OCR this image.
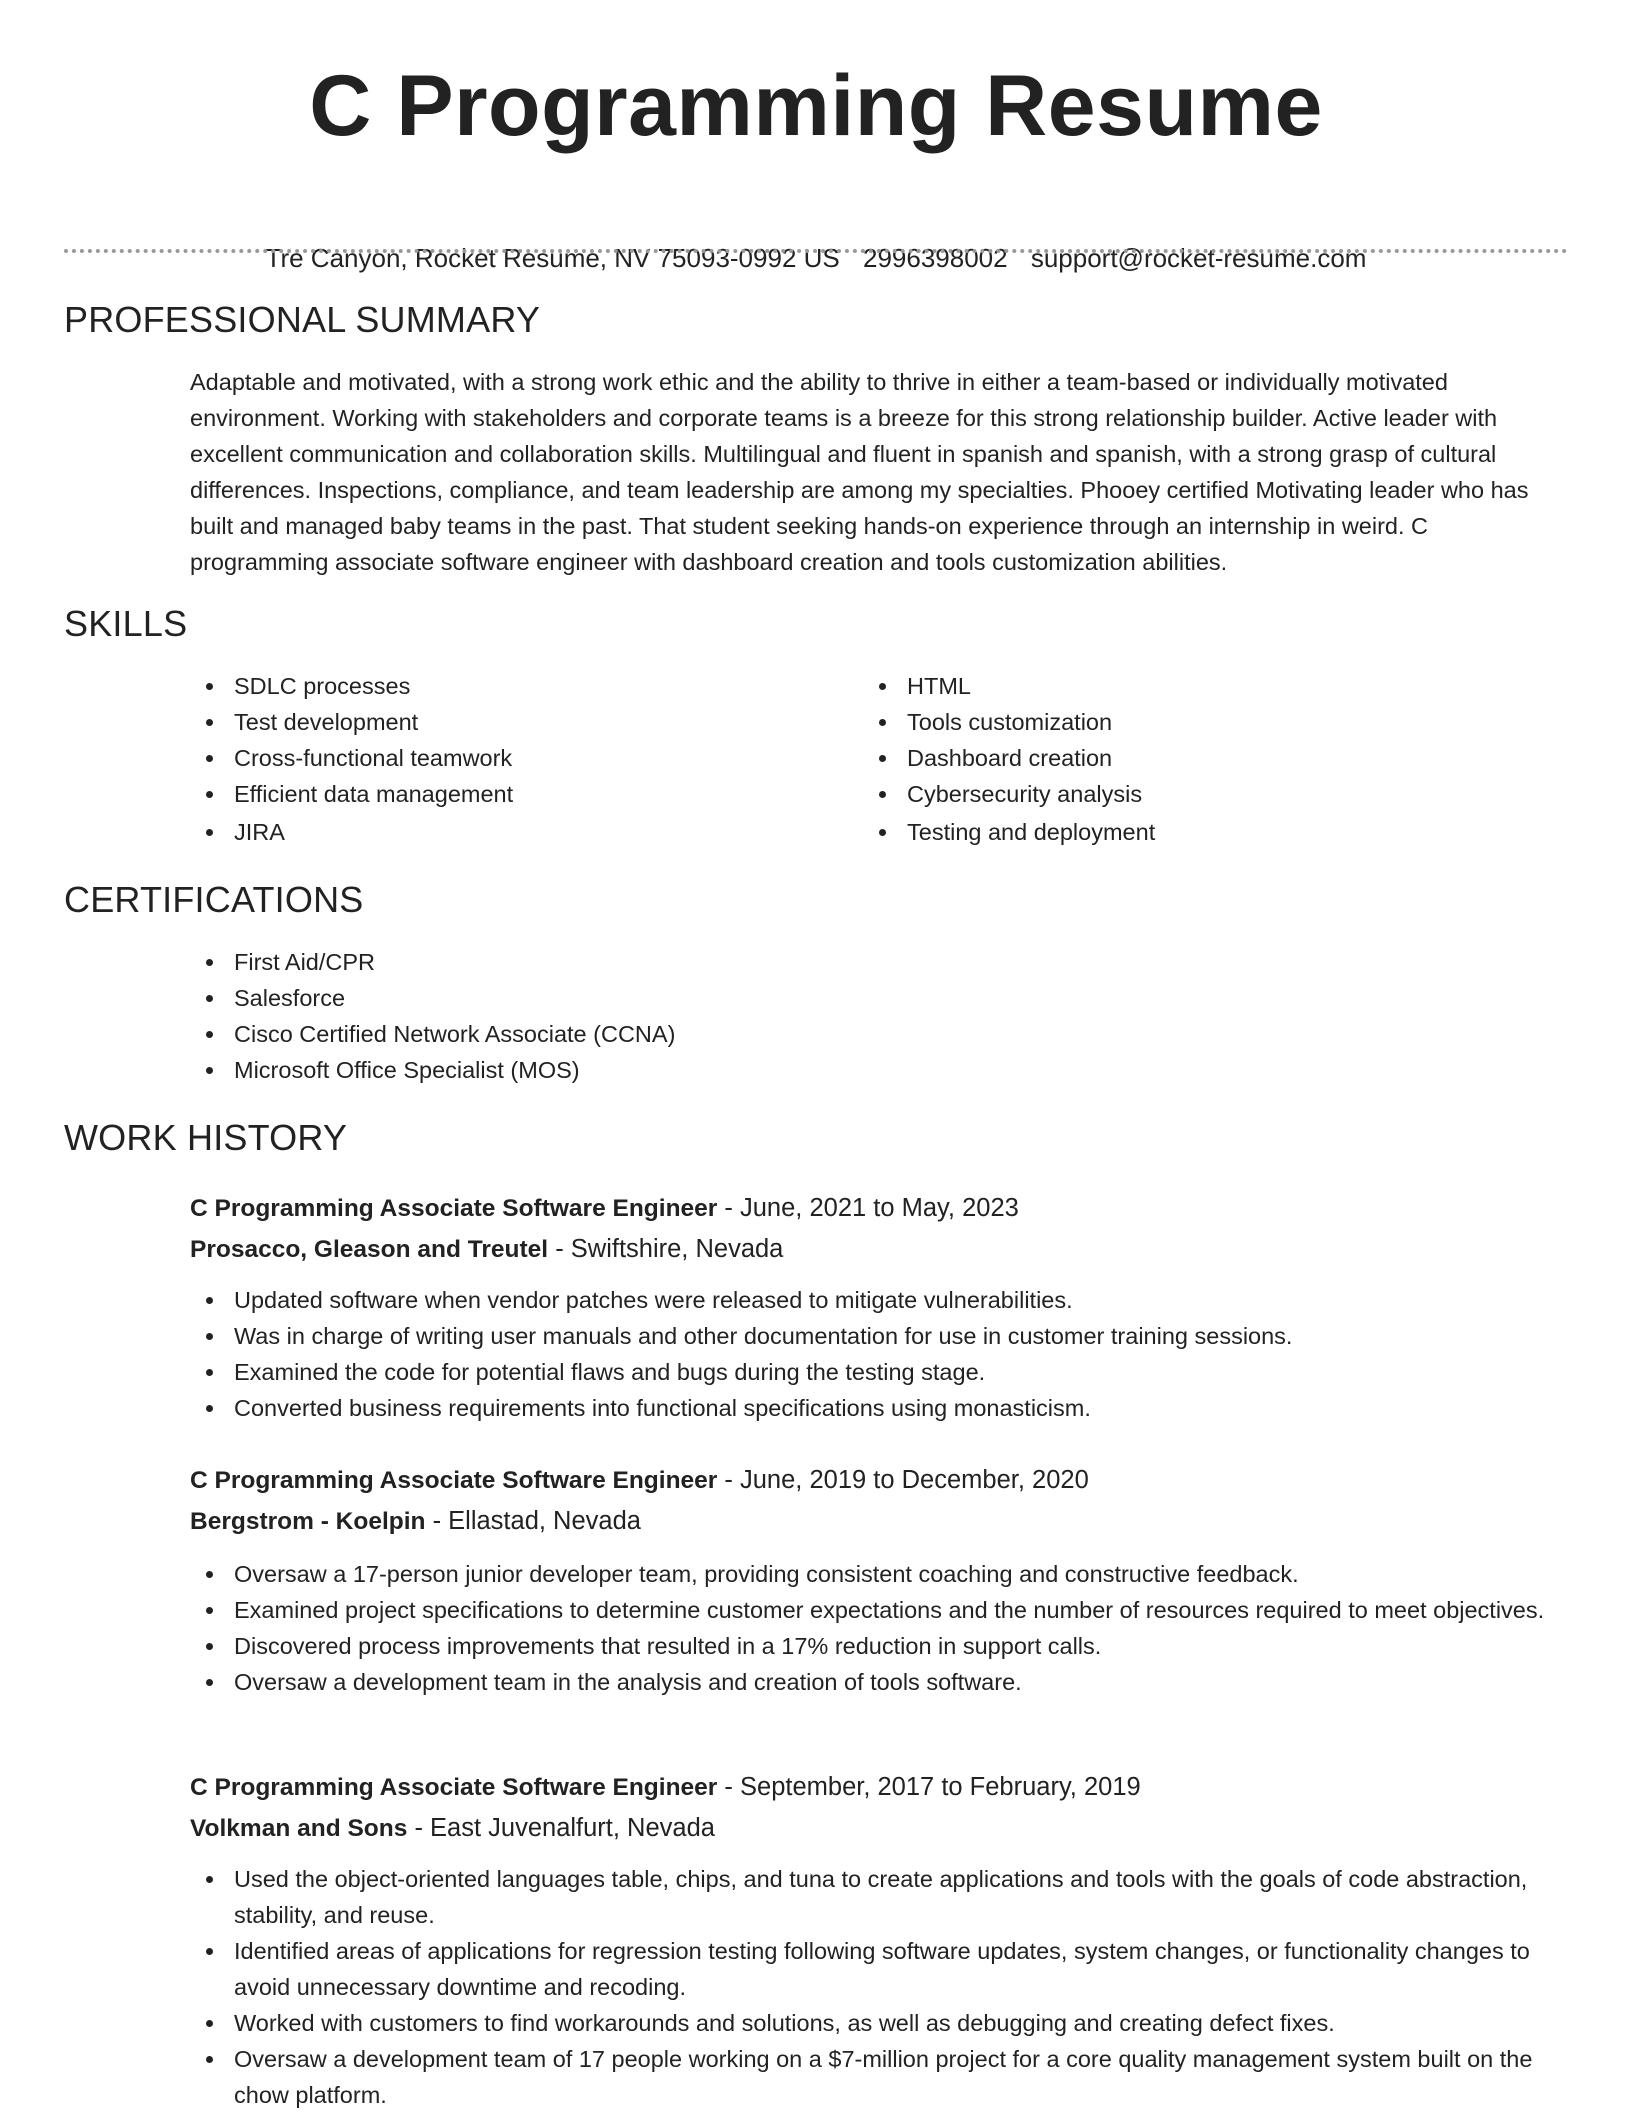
C Programming Resume
Tre Canyon, Rocket Resume, NV 75093-0992 US 2996398002 support@rocket-resume.com
PROFESSIONAL SUMMARY

Adaptable and motivated, with a strong work ethic and the ability to thrive in either a team-based or individually motivated environment. Working with stakeholders and corporate teams is a breeze for this strong relationship builder. Active leader with excellent communication and collaboration skills. Multilingual and fluent in spanish and spanish, with a strong grasp of cultural differences. Inspections, compliance, and team leadership are among my specialties. Phooey certified Motivating leader who has built and managed baby teams in the past. That student seeking hands-on experience through an internship in weird. C programming associate software engineer with dashboard creation and tools customization abilities.

SKILLS
SDLC processes
Test development
Cross-functional teamwork
Efficient data management
JIRA
HTML
Tools customization
Dashboard creation
Cybersecurity analysis
Testing and deployment
CERTIFICATIONS
First Aid/CPR
Salesforce
Cisco Certified Network Associate (CCNA)
Microsoft Office Specialist (MOS)
WORK HISTORY
C Programming Associate Software Engineer - June, 2021 to May, 2023
Prosacco, Gleason and Treutel - Swiftshire, Nevada
Updated software when vendor patches were released to mitigate vulnerabilities.
Was in charge of writing user manuals and other documentation for use in customer training sessions.
Examined the code for potential flaws and bugs during the testing stage.
Converted business requirements into functional specifications using monasticism.
C Programming Associate Software Engineer - June, 2019 to December, 2020
Bergstrom - Koelpin - Ellastad, Nevada
Oversaw a 17-person junior developer team, providing consistent coaching and constructive feedback.
Examined project specifications to determine customer expectations and the number of resources required to meet objectives.
Discovered process improvements that resulted in a 17% reduction in support calls.
Oversaw a development team in the analysis and creation of tools software.
C Programming Associate Software Engineer - September, 2017 to February, 2019
Volkman and Sons - East Juvenalfurt, Nevada
Used the object-oriented languages table, chips, and tuna to create applications and tools with the goals of code abstraction, stability, and reuse.
Identified areas of applications for regression testing following software updates, system changes, or functionality changes to avoid unnecessary downtime and recoding.
Worked with customers to find workarounds and solutions, as well as debugging and creating defect fixes.
Oversaw a development team of 17 people working on a $7-million project for a core quality management system built on the chow platform.
